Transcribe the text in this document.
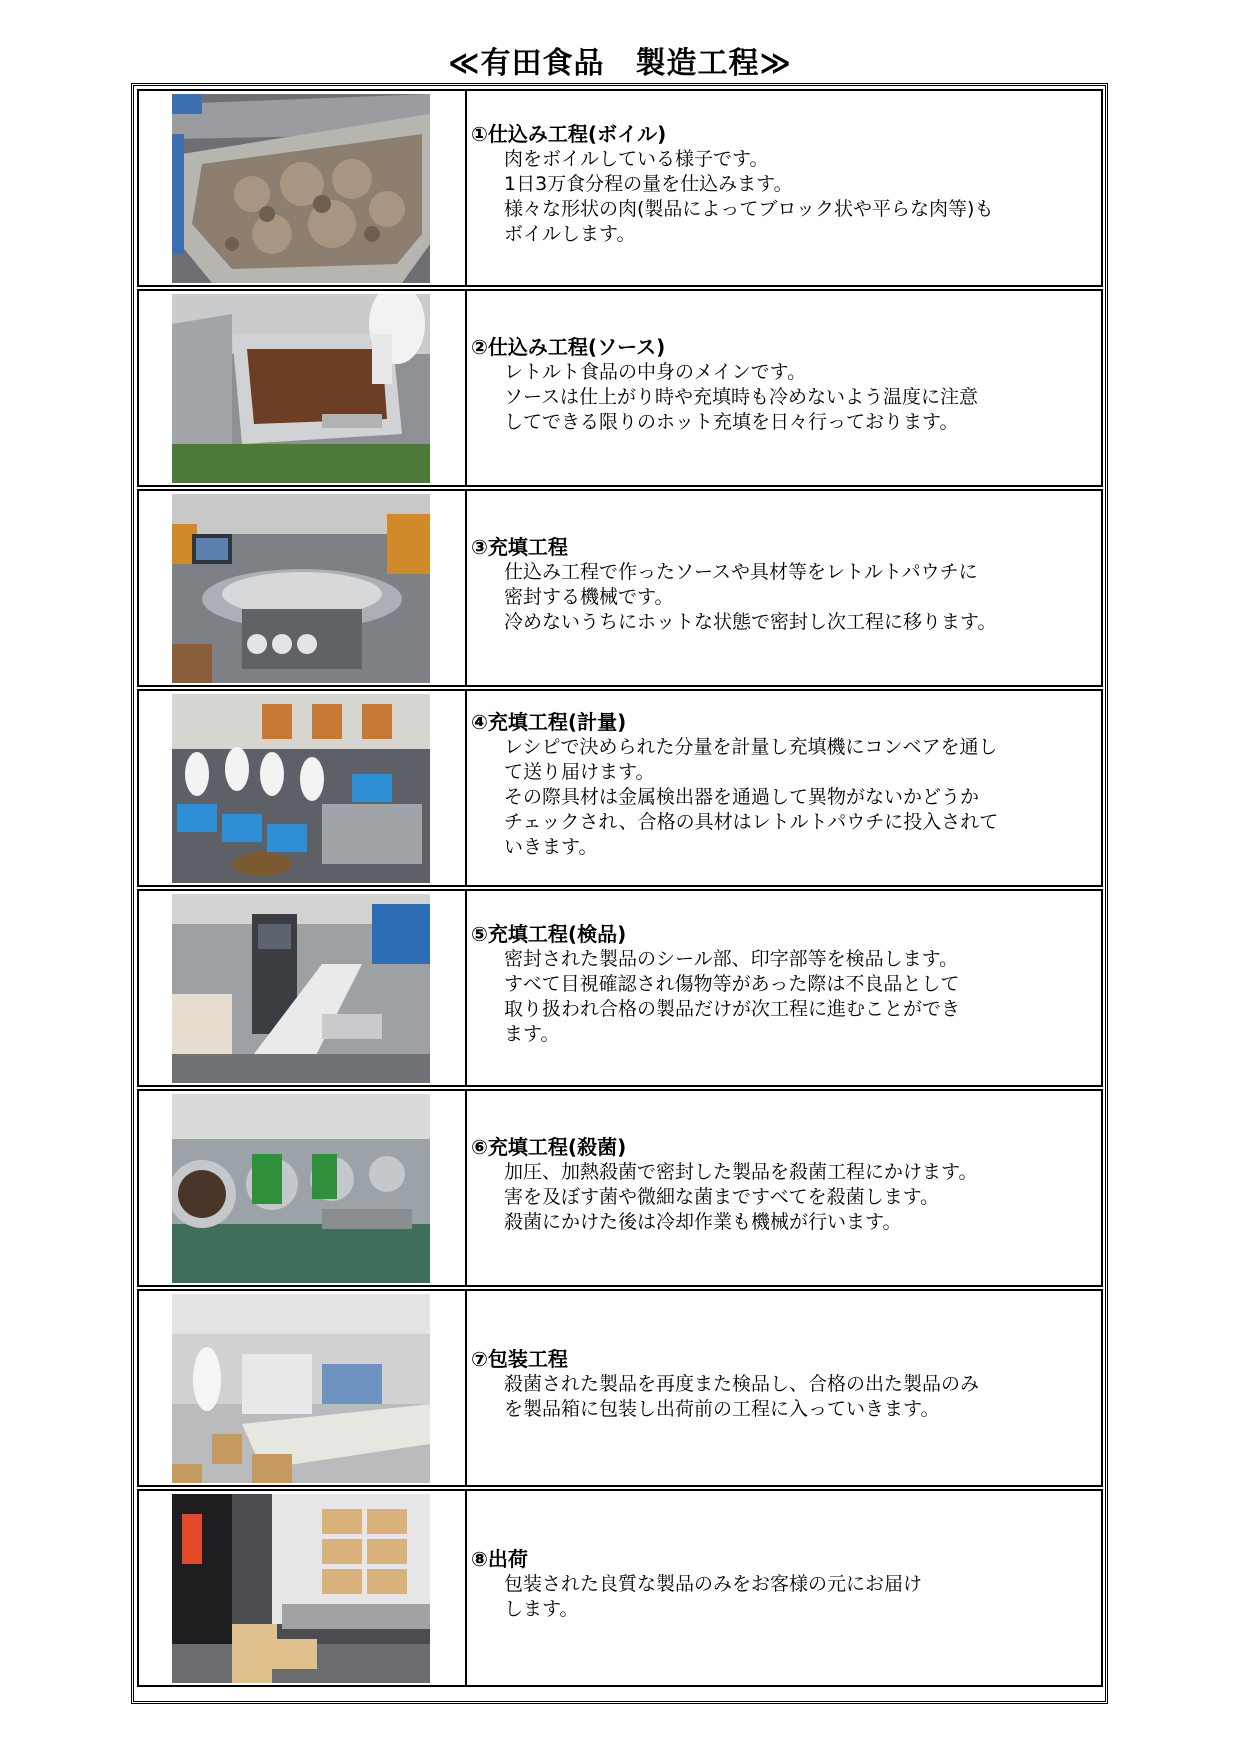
≪有田食品　製造工程≫
①仕込み工程(ボイル)
肉をボイルしている様子です。
1日3万食分程の量を仕込みます。
様々な形状の肉(製品によってブロック状や平らな肉等)も
ボイルします。
②仕込み工程(ソース)
レトルト食品の中身のメインです。
ソースは仕上がり時や充填時も冷めないよう温度に注意
してできる限りのホット充填を日々行っております。
③充填工程
仕込み工程で作ったソースや具材等をレトルトパウチに
密封する機械です。
冷めないうちにホットな状態で密封し次工程に移ります。
④充填工程(計量)
レシピで決められた分量を計量し充填機にコンベアを通し
て送り届けます。
その際具材は金属検出器を通過して異物がないかどうか
チェックされ、合格の具材はレトルトパウチに投入されて
いきます。
⑤充填工程(検品)
密封された製品のシール部、印字部等を検品します。
すべて目視確認され傷物等があった際は不良品として
取り扱われ合格の製品だけが次工程に進むことができ
ます。
⑥充填工程(殺菌)
加圧、加熱殺菌で密封した製品を殺菌工程にかけます。
害を及ぼす菌や微細な菌まですべてを殺菌します。
殺菌にかけた後は冷却作業も機械が行います。
⑦包装工程
殺菌された製品を再度また検品し、合格の出た製品のみ
を製品箱に包装し出荷前の工程に入っていきます。
⑧出荷
包装された良質な製品のみをお客様の元にお届け
します。
